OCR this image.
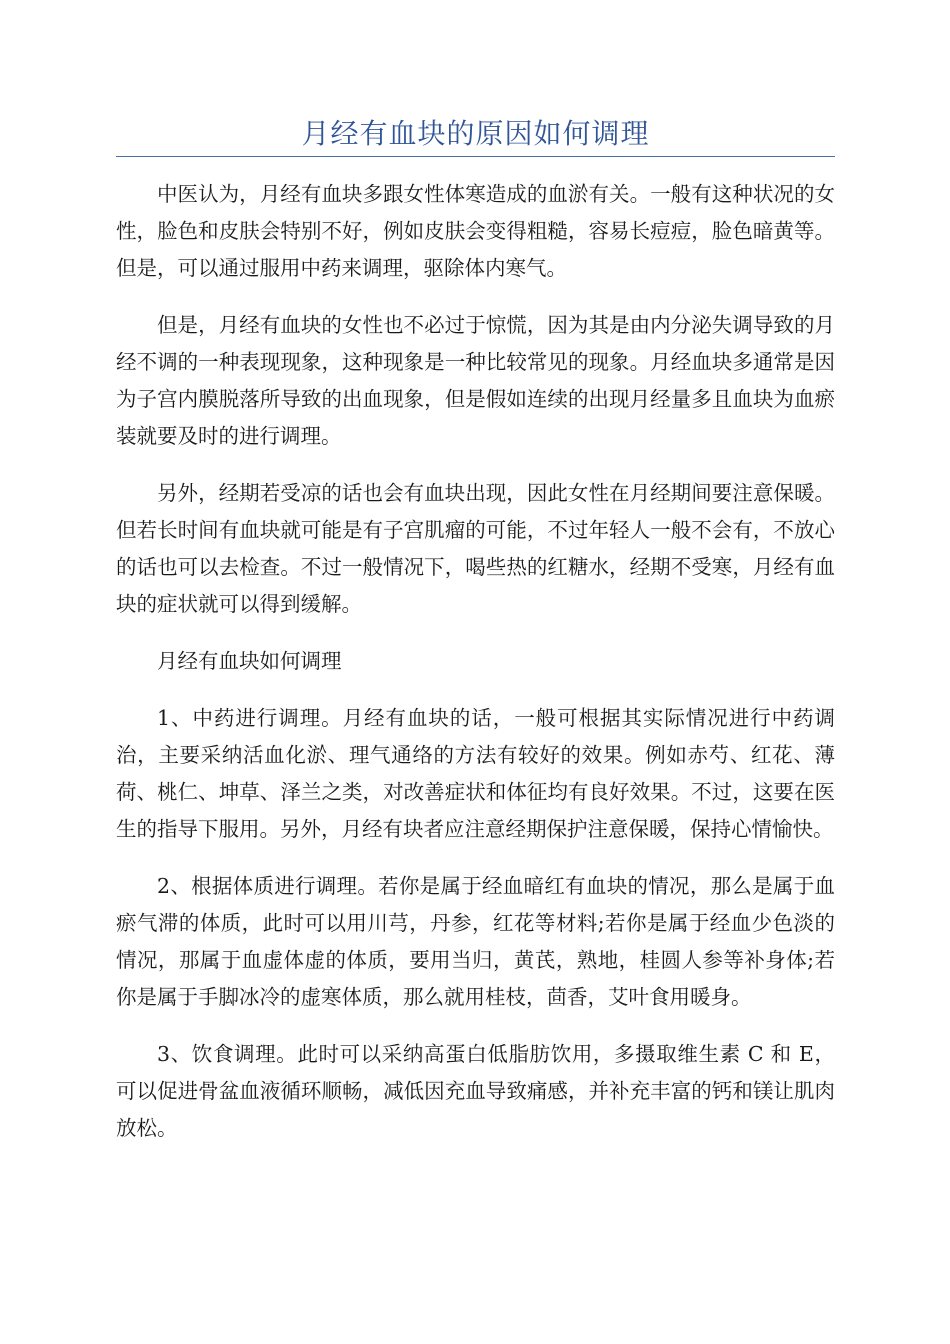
月经有血块的原因如何调理

中医认为，月经有血块多跟女性体寒造成的血淤有关。一般有这种状况的女性，脸色和皮肤会特别不好，例如皮肤会变得粗糙，容易长痘痘，脸色暗黄等。但是，可以通过服用中药来调理，驱除体内寒气。

但是，月经有血块的女性也不必过于惊慌，因为其是由内分泌失调导致的月经不调的一种表现现象，这种现象是一种比较常见的现象。月经血块多通常是因为子宫内膜脱落所导致的出血现象，但是假如连续的出现月经量多且血块为血瘀装就要及时的进行调理。

另外，经期若受凉的话也会有血块出现，因此女性在月经期间要注意保暖。但若长时间有血块就可能是有子宫肌瘤的可能，不过年轻人一般不会有，不放心的话也可以去检查。不过一般情况下，喝些热的红糖水，经期不受寒，月经有血块的症状就可以得到缓解。

月经有血块如何调理

1、中药进行调理。月经有血块的话，一般可根据其实际情况进行中药调治，主要采纳活血化淤、理气通络的方法有较好的效果。例如赤芍、红花、薄荷、桃仁、坤草、泽兰之类，对改善症状和体征均有良好效果。不过，这要在医生的指导下服用。另外，月经有块者应注意经期保护注意保暖，保持心情愉快。

2、根据体质进行调理。若你是属于经血暗红有血块的情况，那么是属于血瘀气滞的体质，此时可以用川芎，丹参，红花等材料;若你是属于经血少色淡的情况，那属于血虚体虚的体质，要用当归，黄芪，熟地，桂圆人参等补身体;若你是属于手脚冰冷的虚寒体质，那么就用桂枝，茴香，艾叶食用暖身。

3、饮食调理。此时可以采纳高蛋白低脂肪饮用，多摄取维生素 C 和 E，可以促进骨盆血液循环顺畅，减低因充血导致痛感，并补充丰富的钙和镁让肌肉放松。
